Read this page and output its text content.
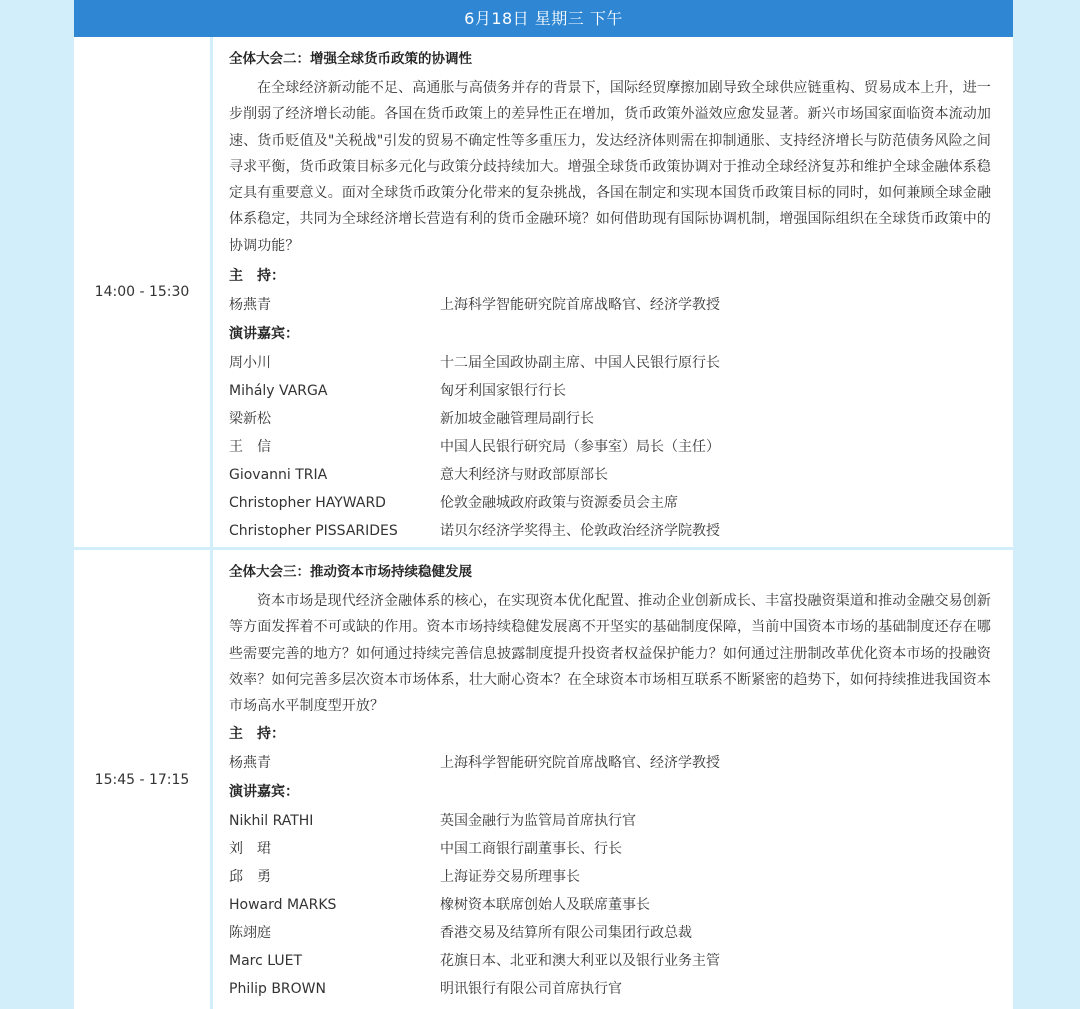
6月18日 星期三 下午
14:00 - 15:30
全体大会二：增强全球货币政策的协调性

在全球经济新动能不足、高通胀与高债务并存的背景下，国际经贸摩擦加剧导致全球供应链重构、贸易成本上升，进一步削弱了经济增长动能。各国在货币政策上的差异性正在增加，货币政策外溢效应愈发显著。新兴市场国家面临资本流动加速、货币贬值及"关税战"引发的贸易不确定性等多重压力，发达经济体则需在抑制通胀、支持经济增长与防范债务风险之间寻求平衡，货币政策目标多元化与政策分歧持续加大。增强全球货币政策协调对于推动全球经济复苏和维护全球金融体系稳定具有重要意义。面对全球货币政策分化带来的复杂挑战，各国在制定和实现本国货币政策目标的同时，如何兼顾全球金融体系稳定，共同为全球经济增长营造有利的货币金融环境？如何借助现有国际协调机制，增强国际组织在全球货币政策中的协调功能？

主　持：
杨燕青	上海科学智能研究院首席战略官、经济学教授
演讲嘉宾：
周小川	十二届全国政协副主席、中国人民银行原行长
Mihály VARGA	匈牙利国家银行行长
梁新松	新加坡金融管理局副行长
王　信	中国人民银行研究局（参事室）局长（主任）
Giovanni TRIA	意大利经济与财政部原部长
Christopher HAYWARD	伦敦金融城政府政策与资源委员会主席
Christopher PISSARIDES	诺贝尔经济学奖得主、伦敦政治经济学院教授
15:45 - 17:15
全体大会三：推动资本市场持续稳健发展

资本市场是现代经济金融体系的核心，在实现资本优化配置、推动企业创新成长、丰富投融资渠道和推动金融交易创新等方面发挥着不可或缺的作用。资本市场持续稳健发展离不开坚实的基础制度保障，当前中国资本市场的基础制度还存在哪些需要完善的地方？如何通过持续完善信息披露制度提升投资者权益保护能力？如何通过注册制改革优化资本市场的投融资效率？如何完善多层次资本市场体系，壮大耐心资本？在全球资本市场相互联系不断紧密的趋势下，如何持续推进我国资本市场高水平制度型开放？

主　持：
杨燕青	上海科学智能研究院首席战略官、经济学教授
演讲嘉宾：
Nikhil RATHI	英国金融行为监管局首席执行官
刘　珺	中国工商银行副董事长、行长
邱　勇	上海证券交易所理事长
Howard MARKS	橡树资本联席创始人及联席董事长
陈翊庭	香港交易及结算所有限公司集团行政总裁
Marc LUET	花旗日本、北亚和澳大利亚以及银行业务主管
Philip BROWN	明讯银行有限公司首席执行官
